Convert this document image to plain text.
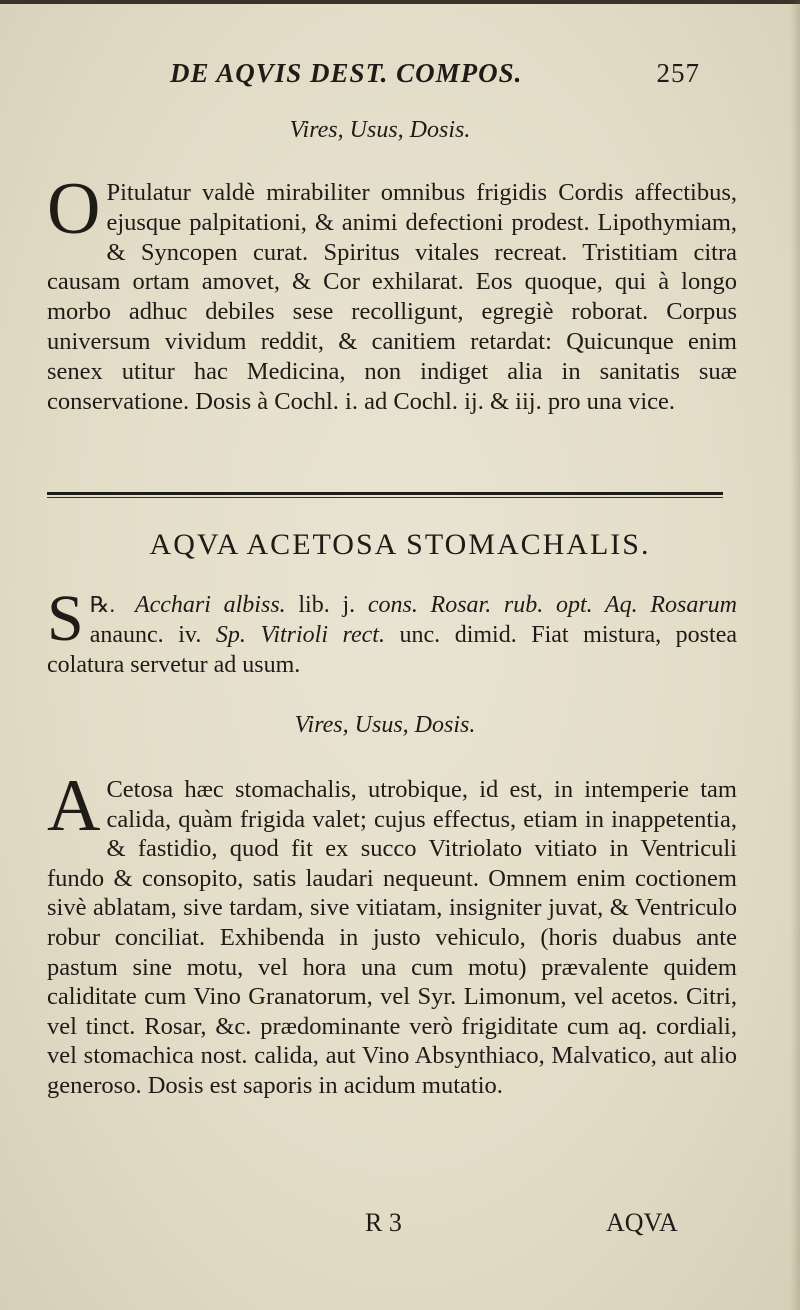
DE AQVIS DEST. COMPOS.	257
Vires, Usus, Dosis.
O Pitulatur valdè mirabiliter omnibus frigidis Cordis affectibus, ejusque palpitationi, & animi defectioni prodest. Lipothymiam, & Syncopen curat. Spiritus vitales recreat. Tristitiam citra causam ortam amovet, & Cor exhilarat. Eos quoque, qui à longo morbo adhuc debiles sese recolligunt, egregiè roborat. Corpus universum vividum reddit, & canitiem retardat: Quicunque enim senex utitur hac Medicina, non indiget alia in sanitatis suæ conservatione. Dosis à Cochl. i. ad Cochl. ij. & iij. pro una vice.
AQVA ACETOSA STOMACHALIS.
℞.
S Acchari albiss. lib. j. cons. Rosar. rub. opt. Aq. Rosarum anaunc. iv. Sp. Vitrioli rect. unc. dimid. Fiat mistura, postea colatura servetur ad usum.
Vires, Usus, Dosis.
A Cetosa hæc stomachalis, utrobique, id est, in intemperie tam calida, quàm frigida valet; cujus effectus, etiam in inappetentia, & fastidio, quod fit ex succo Vitriolato vitiato in Ventriculi fundo & consopito, satis laudari nequeunt. Omnem enim coctionem sivè ablatam, sive tardam, sive vitiatam, insigniter juvat, & Ventriculo robur conciliat. Exhibenda in justo vehiculo, (horis duabus ante pastum sine motu, vel hora una cum motu) prævalente quidem caliditate cum Vino Granatorum, vel Syr. Limonum, vel acetos. Citri, vel tinct. Rosar, &c. prædominante verò frigiditate cum aq. cordiali, vel stomachica nost. calida, aut Vino Absynthiaco, Malvatico, aut alio generoso. Dosis est saporis in acidum mutatio.
R 3	AQVA
